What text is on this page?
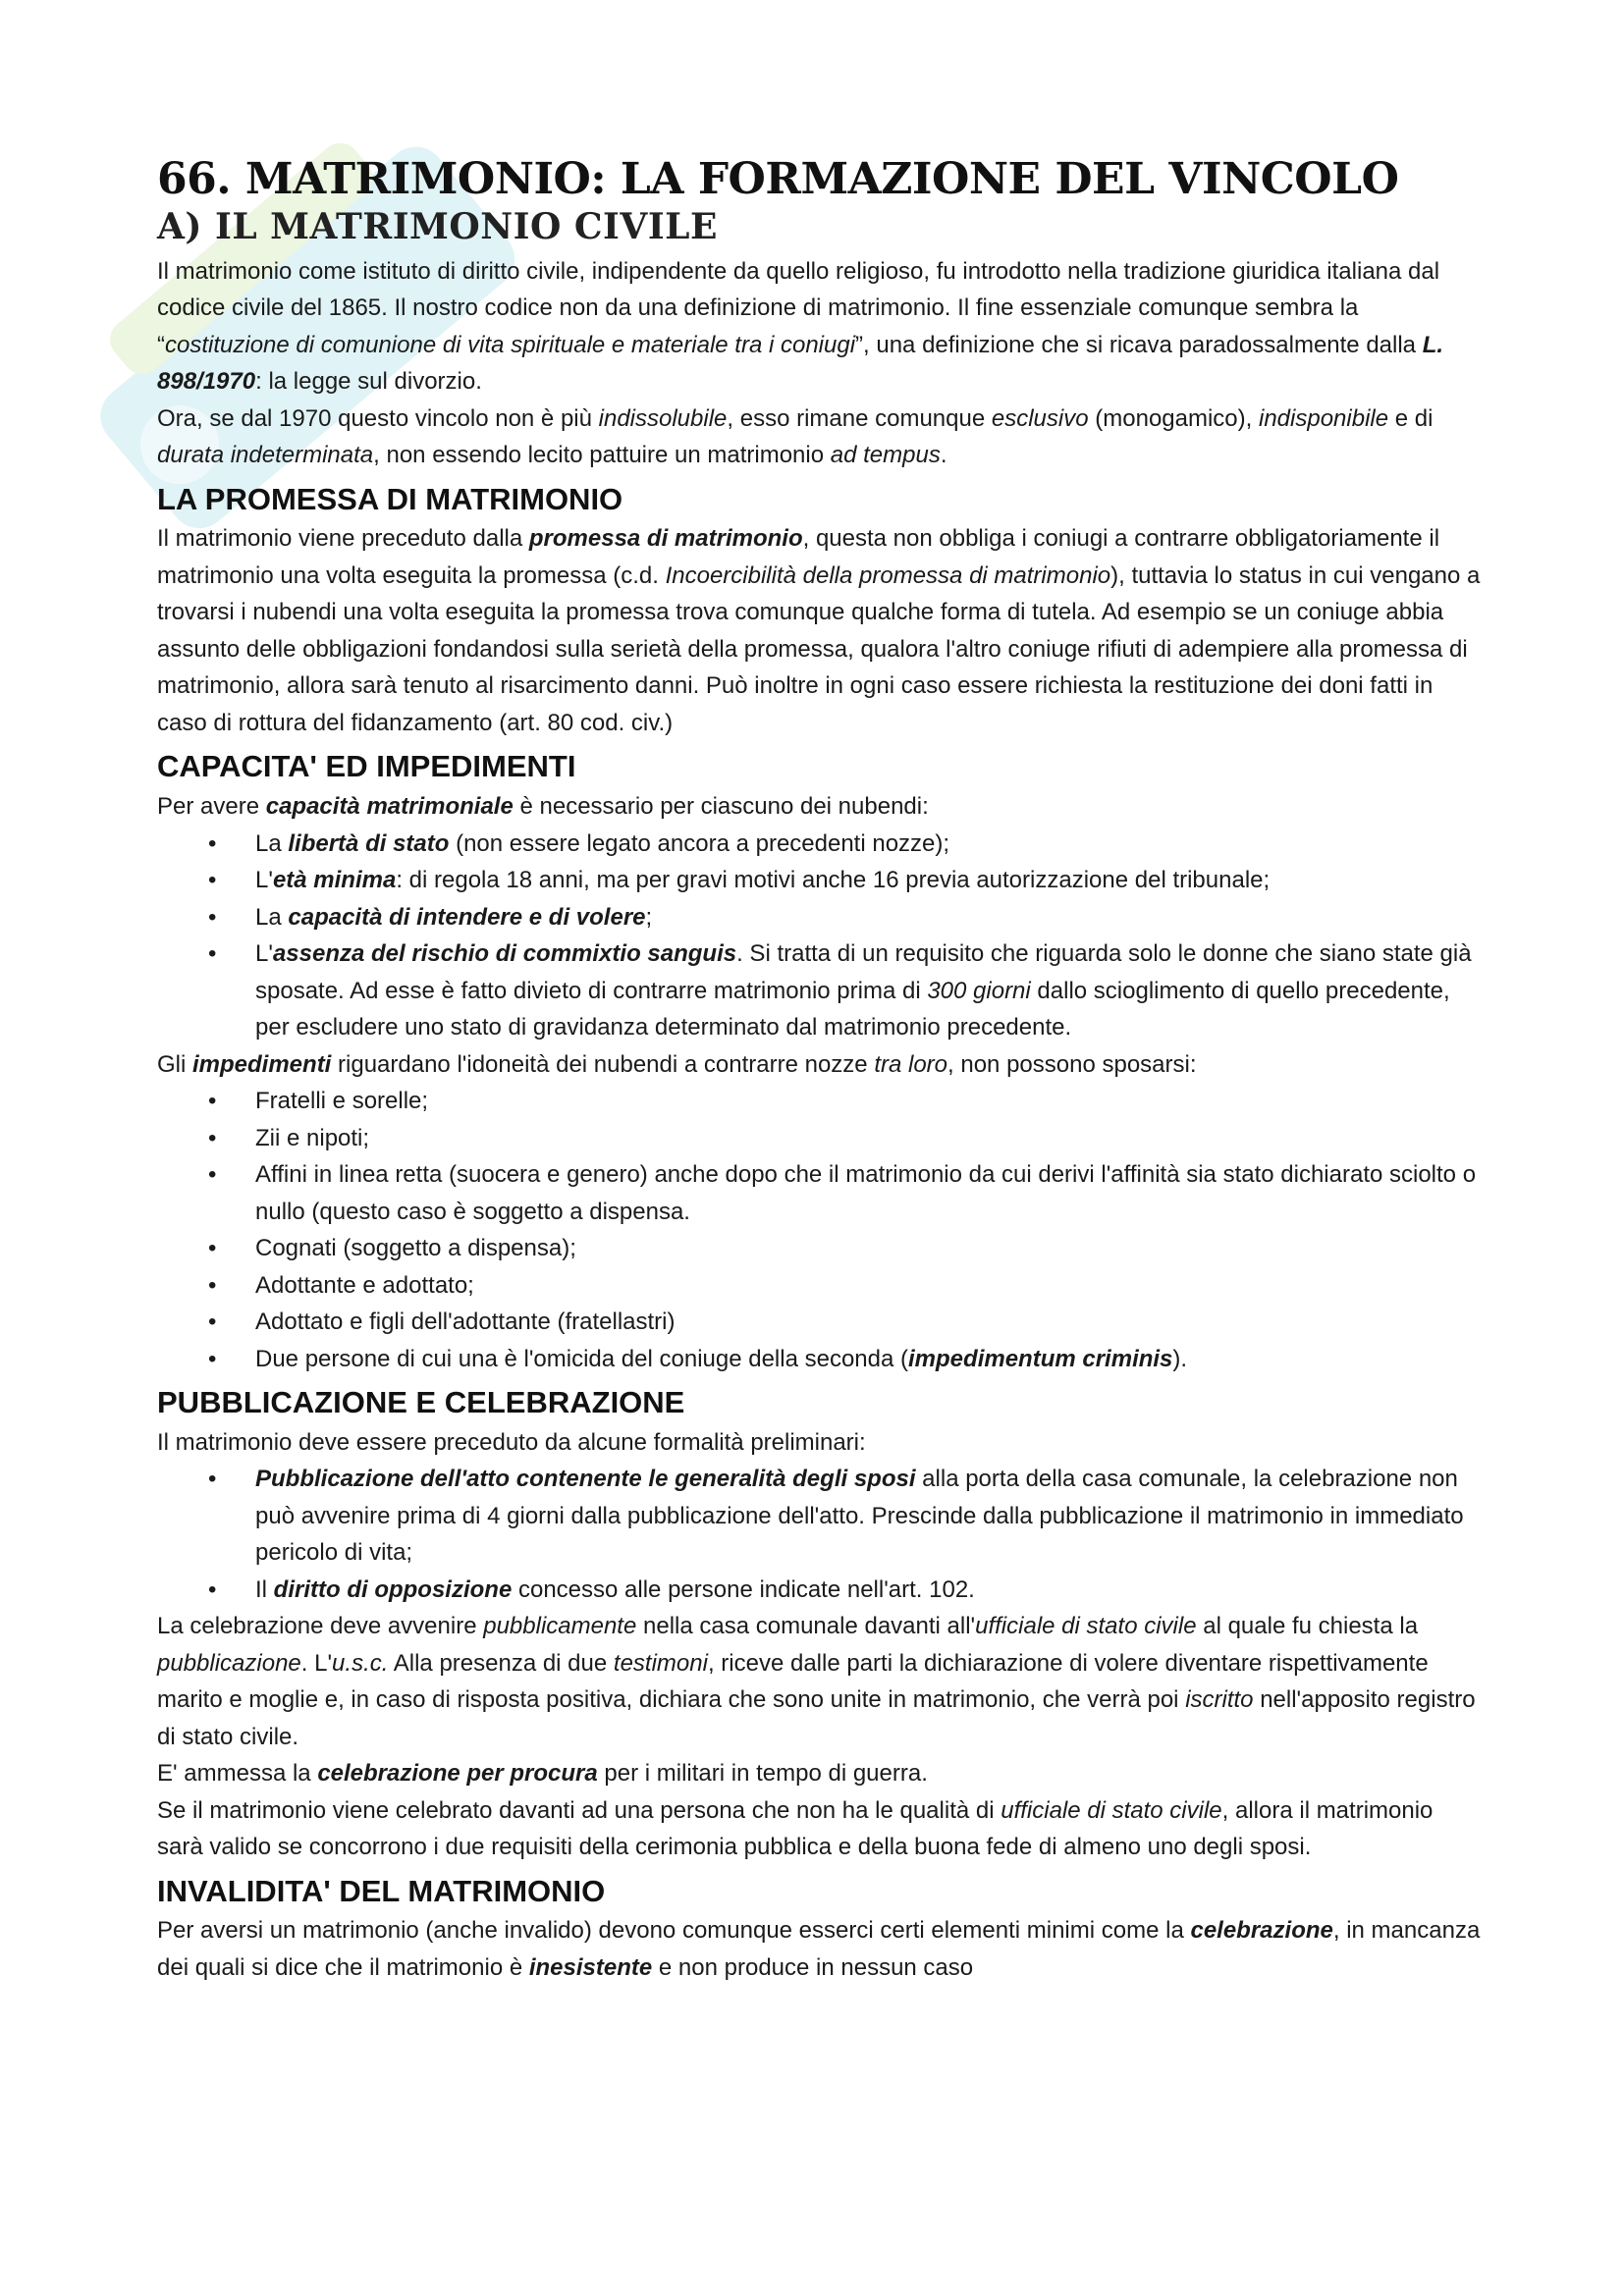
66. MATRIMONIO: LA FORMAZIONE DEL VINCOLO
A) IL MATRIMONIO CIVILE

Il matrimonio come istituto di diritto civile, indipendente da quello religioso, fu introdotto nella tradizione giuridica italiana dal codice civile del 1865. Il nostro codice non da una definizione di matrimonio. Il fine essenziale comunque sembra la “costituzione di comunione di vita spirituale e materiale tra i coniugi”, una definizione che si ricava paradossalmente dalla L. 898/1970: la legge sul divorzio.

Ora, se dal 1970 questo vincolo non è più indissolubile, esso rimane comunque esclusivo (monogamico), indisponibile e di durata indeterminata, non essendo lecito pattuire un matrimonio ad tempus.

LA PROMESSA DI MATRIMONIO

Il matrimonio viene preceduto dalla promessa di matrimonio, questa non obbliga i coniugi a contrarre obbligatoriamente il matrimonio una volta eseguita la promessa (c.d. Incoercibilità della promessa di matrimonio), tuttavia lo status in cui vengano a trovarsi i nubendi una volta eseguita la promessa trova comunque qualche forma di tutela. Ad esempio se un coniuge abbia assunto delle obbligazioni fondandosi sulla serietà della promessa, qualora l'altro coniuge rifiuti di adempiere alla promessa di matrimonio, allora sarà tenuto al risarcimento danni. Può inoltre in ogni caso essere richiesta la restituzione dei doni fatti in caso di rottura del fidanzamento (art. 80 cod. civ.)

CAPACITA' ED IMPEDIMENTI

Per avere capacità matrimoniale è necessario per ciascuno dei nubendi:

• La libertà di stato (non essere legato ancora a precedenti nozze);
• L'età minima: di regola 18 anni, ma per gravi motivi anche 16 previa autorizzazione del tribunale;
• La capacità di intendere e di volere;
• L'assenza del rischio di commixtio sanguis. Si tratta di un requisito che riguarda solo le donne che siano state già sposate. Ad esse è fatto divieto di contrarre matrimonio prima di 300 giorni dallo scioglimento di quello precedente, per escludere uno stato di gravidanza determinato dal matrimonio precedente.

Gli impedimenti riguardano l'idoneità dei nubendi a contrarre nozze tra loro, non possono sposarsi:

• Fratelli e sorelle;
• Zii e nipoti;
• Affini in linea retta (suocera e genero) anche dopo che il matrimonio da cui derivi l'affinità sia stato dichiarato sciolto o nullo (questo caso è soggetto a dispensa.
• Cognati (soggetto a dispensa);
• Adottante e adottato;
• Adottato e figli dell'adottante (fratellastri)
• Due persone di cui una è l'omicida del coniuge della seconda (impedimentum criminis).
PUBBLICAZIONE E CELEBRAZIONE

Il matrimonio deve essere preceduto da alcune formalità preliminari:

• Pubblicazione dell'atto contenente le generalità degli sposi alla porta della casa comunale, la celebrazione non può avvenire prima di 4 giorni dalla pubblicazione dell'atto. Prescinde dalla pubblicazione il matrimonio in immediato pericolo di vita;
• Il diritto di opposizione concesso alle persone indicate nell'art. 102.

La celebrazione deve avvenire pubblicamente nella casa comunale davanti all'ufficiale di stato civile al quale fu chiesta la pubblicazione. L'u.s.c. Alla presenza di due testimoni, riceve dalle parti la dichiarazione di volere diventare rispettivamente marito e moglie e, in caso di risposta positiva, dichiara che sono unite in matrimonio, che verrà poi iscritto nell'apposito registro di stato civile.

E' ammessa la celebrazione per procura per i militari in tempo di guerra.

Se il matrimonio viene celebrato davanti ad una persona che non ha le qualità di ufficiale di stato civile, allora il matrimonio sarà valido se concorrono i due requisiti della cerimonia pubblica e della buona fede di almeno uno degli sposi.

INVALIDITA' DEL MATRIMONIO

Per aversi un matrimonio (anche invalido) devono comunque esserci certi elementi minimi come la celebrazione, in mancanza dei quali si dice che il matrimonio è inesistente e non produce in nessun caso
